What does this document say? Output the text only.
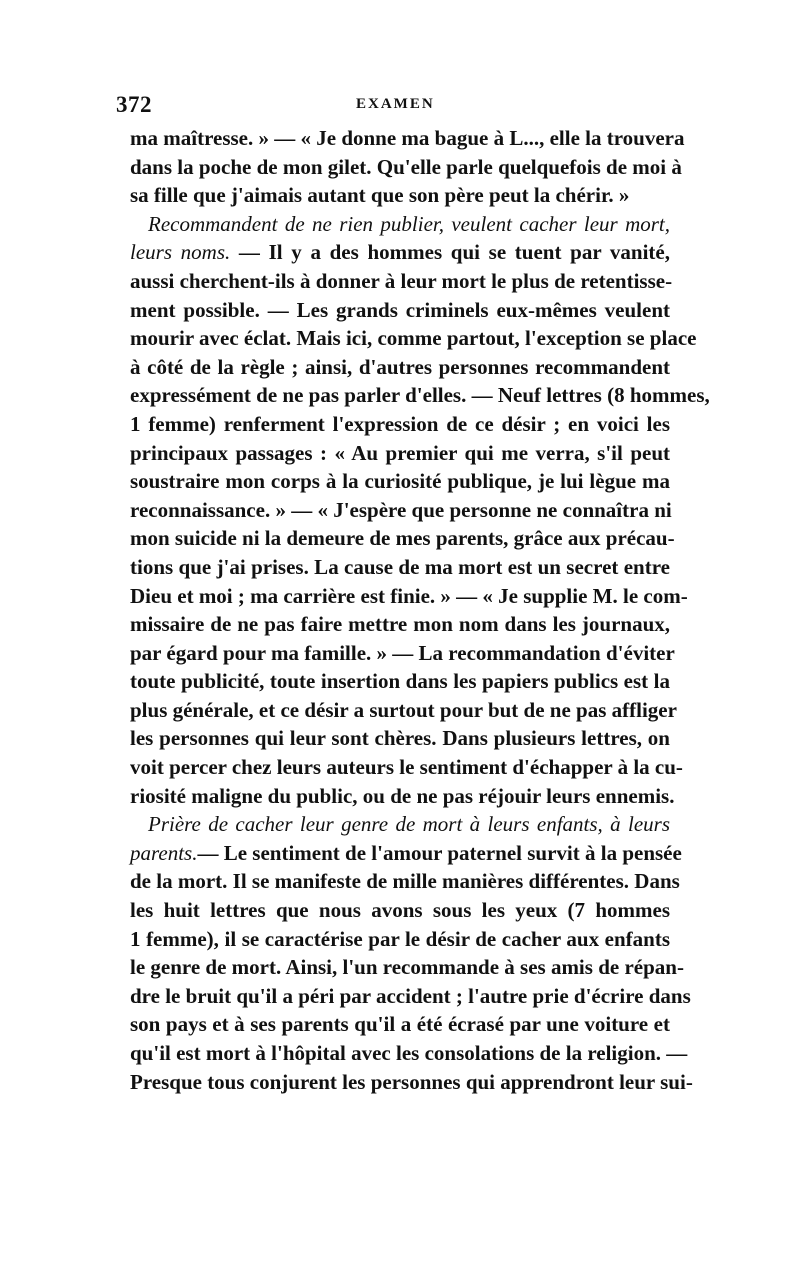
372	EXAMEN
ma maîtresse. » — « Je donne ma bague à L..., elle la trouvera
dans la poche de mon gilet. Qu'elle parle quelquefois de moi à
sa fille que j'aimais autant que son père peut la chérir. »
Recommandent de ne rien publier, veulent cacher leur mort,
leurs noms. — Il y a des hommes qui se tuent par vanité,
aussi cherchent-ils à donner à leur mort le plus de retentisse-
ment possible. — Les grands criminels eux-mêmes veulent
mourir avec éclat. Mais ici, comme partout, l'exception se place
à côté de la règle ; ainsi, d'autres personnes recommandent
expressément de ne pas parler d'elles. — Neuf lettres (8 hommes,
1 femme) renferment l'expression de ce désir ; en voici les
principaux passages : « Au premier qui me verra, s'il peut
soustraire mon corps à la curiosité publique, je lui lègue ma
reconnaissance. » — « J'espère que personne ne connaîtra ni
mon suicide ni la demeure de mes parents, grâce aux précau-
tions que j'ai prises. La cause de ma mort est un secret entre
Dieu et moi ; ma carrière est finie. » — « Je supplie M. le com-
missaire de ne pas faire mettre mon nom dans les journaux,
par égard pour ma famille. » — La recommandation d'éviter
toute publicité, toute insertion dans les papiers publics est la
plus générale, et ce désir a surtout pour but de ne pas affliger
les personnes qui leur sont chères. Dans plusieurs lettres, on
voit percer chez leurs auteurs le sentiment d'échapper à la cu-
riosité maligne du public, ou de ne pas réjouir leurs ennemis.
Prière de cacher leur genre de mort à leurs enfants, à leurs
parents.— Le sentiment de l'amour paternel survit à la pensée
de la mort. Il se manifeste de mille manières différentes. Dans
les huit lettres que nous avons sous les yeux (7 hommes
1 femme), il se caractérise par le désir de cacher aux enfants
le genre de mort. Ainsi, l'un recommande à ses amis de répan-
dre le bruit qu'il a péri par accident ; l'autre prie d'écrire dans
son pays et à ses parents qu'il a été écrasé par une voiture et
qu'il est mort à l'hôpital avec les consolations de la religion. —
Presque tous conjurent les personnes qui apprendront leur sui-
